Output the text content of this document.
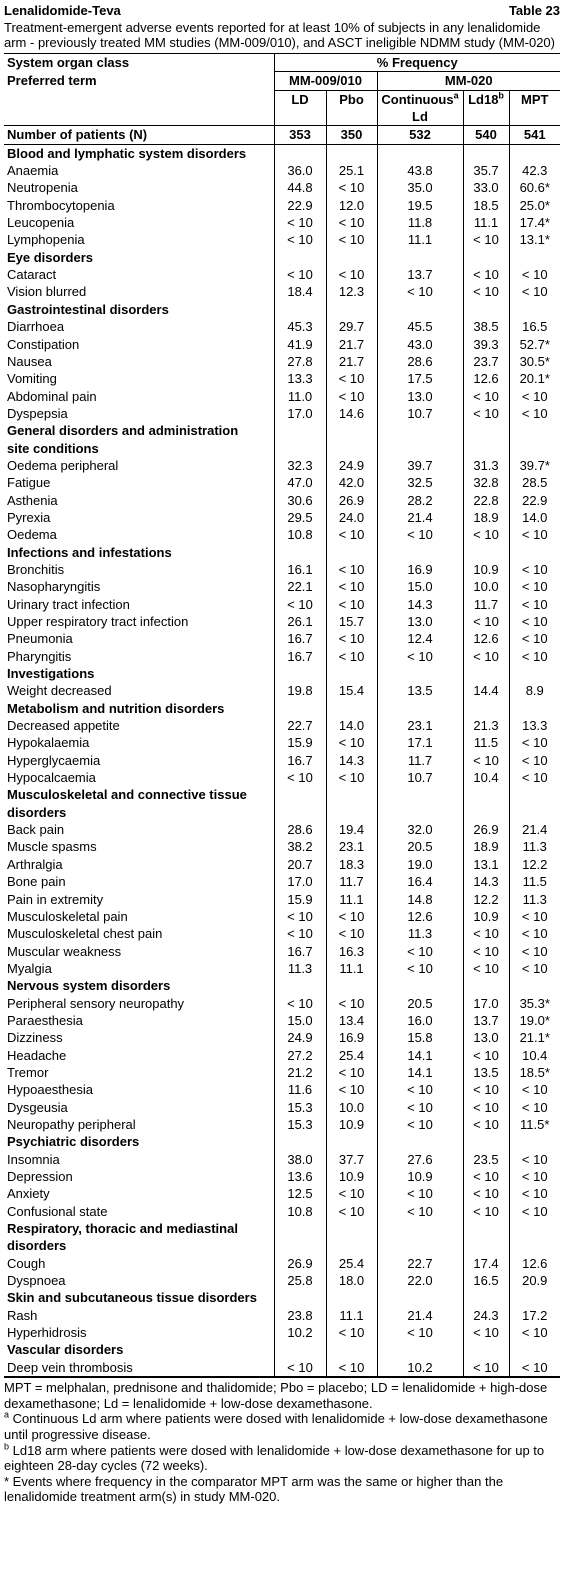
Lenalidomide-Teva	Table 23
Treatment-emergent adverse events reported for at least 10% of subjects in any lenalidomide arm - previously treated MM studies (MM-009/010), and ASCT ineligible NDMM study (MM-020)
System organ class	% Frequency				
Preferred term	MM-009/010		MM-020		
	LD	Pbo	Continuous$^a$	Ld18$^b$	MPT
			Ld		
Number of patients (N)	353	350	532	540	541
Blood and lymphatic system disorders					
Anaemia	36.0	25.1	43.8	35.7	42.3
Neutropenia	44.8	< 10	35.0	33.0	60.6*
Thrombocytopenia	22.9	12.0	19.5	18.5	25.0*
Leucopenia	< 10	< 10	11.8	11.1	17.4*
Lymphopenia	< 10	< 10	11.1	< 10	13.1*
Eye disorders					
Cataract	< 10	< 10	13.7	< 10	< 10
Vision blurred	18.4	12.3	< 10	< 10	< 10
Gastrointestinal disorders					
Diarrhoea	45.3	29.7	45.5	38.5	16.5
Constipation	41.9	21.7	43.0	39.3	52.7*
Nausea	27.8	21.7	28.6	23.7	30.5*
Vomiting	13.3	< 10	17.5	12.6	20.1*
Abdominal pain	11.0	< 10	13.0	< 10	< 10
Dyspepsia	17.0	14.6	10.7	< 10	< 10
General disorders and administration					
site conditions					
Oedema peripheral	32.3	24.9	39.7	31.3	39.7*
Fatigue	47.0	42.0	32.5	32.8	28.5
Asthenia	30.6	26.9	28.2	22.8	22.9
Pyrexia	29.5	24.0	21.4	18.9	14.0
Oedema	10.8	< 10	< 10	< 10	< 10
Infections and infestations					
Bronchitis	16.1	< 10	16.9	10.9	< 10
Nasopharyngitis	22.1	< 10	15.0	10.0	< 10
Urinary tract infection	< 10	< 10	14.3	11.7	< 10
Upper respiratory tract infection	26.1	15.7	13.0	< 10	< 10
Pneumonia	16.7	< 10	12.4	12.6	< 10
Pharyngitis	16.7	< 10	< 10	< 10	< 10
Investigations					
Weight decreased	19.8	15.4	13.5	14.4	8.9
Metabolism and nutrition disorders					
Decreased appetite	22.7	14.0	23.1	21.3	13.3
Hypokalaemia	15.9	< 10	17.1	11.5	< 10
Hyperglycaemia	16.7	14.3	11.7	< 10	< 10
Hypocalcaemia	< 10	< 10	10.7	10.4	< 10
Musculoskeletal and connective tissue					
disorders					
Back pain	28.6	19.4	32.0	26.9	21.4
Muscle spasms	38.2	23.1	20.5	18.9	11.3
Arthralgia	20.7	18.3	19.0	13.1	12.2
Bone pain	17.0	11.7	16.4	14.3	11.5
Pain in extremity	15.9	11.1	14.8	12.2	11.3
Musculoskeletal pain	< 10	< 10	12.6	10.9	< 10
Musculoskeletal chest pain	< 10	< 10	11.3	< 10	< 10
Muscular weakness	16.7	16.3	< 10	< 10	< 10
Myalgia	11.3	11.1	< 10	< 10	< 10
Nervous system disorders					
Peripheral sensory neuropathy	< 10	< 10	20.5	17.0	35.3*
Paraesthesia	15.0	13.4	16.0	13.7	19.0*
Dizziness	24.9	16.9	15.8	13.0	21.1*
Headache	27.2	25.4	14.1	< 10	10.4
Tremor	21.2	< 10	14.1	13.5	18.5*
Hypoaesthesia	11.6	< 10	< 10	< 10	< 10
Dysgeusia	15.3	10.0	< 10	< 10	< 10
Neuropathy peripheral	15.3	10.9	< 10	< 10	11.5*
Psychiatric disorders					
Insomnia	38.0	37.7	27.6	23.5	< 10
Depression	13.6	10.9	10.9	< 10	< 10
Anxiety	12.5	< 10	< 10	< 10	< 10
Confusional state	10.8	< 10	< 10	< 10	< 10
Respiratory, thoracic and mediastinal					
disorders					
Cough	26.9	25.4	22.7	17.4	12.6
Dyspnoea	25.8	18.0	22.0	16.5	20.9
Skin and subcutaneous tissue disorders					
Rash	23.8	11.1	21.4	24.3	17.2
Hyperhidrosis	10.2	< 10	< 10	< 10	< 10
Vascular disorders					
Deep vein thrombosis	< 10	< 10	10.2	< 10	< 10

MPT = melphalan, prednisone and thalidomide; Pbo = placebo; LD = lenalidomide + high-dose dexamethasone; Ld = lenalidomide + low-dose dexamethasone.

$^a$ Continuous Ld arm where patients were dosed with lenalidomide + low-dose dexamethasone until progressive disease.

$^b$ Ld18 arm where patients were dosed with lenalidomide + low-dose dexamethasone for up to eighteen 28-day cycles (72 weeks).

* Events where frequency in the comparator MPT arm was the same or higher than the lenalidomide treatment arm(s) in study MM-020.
